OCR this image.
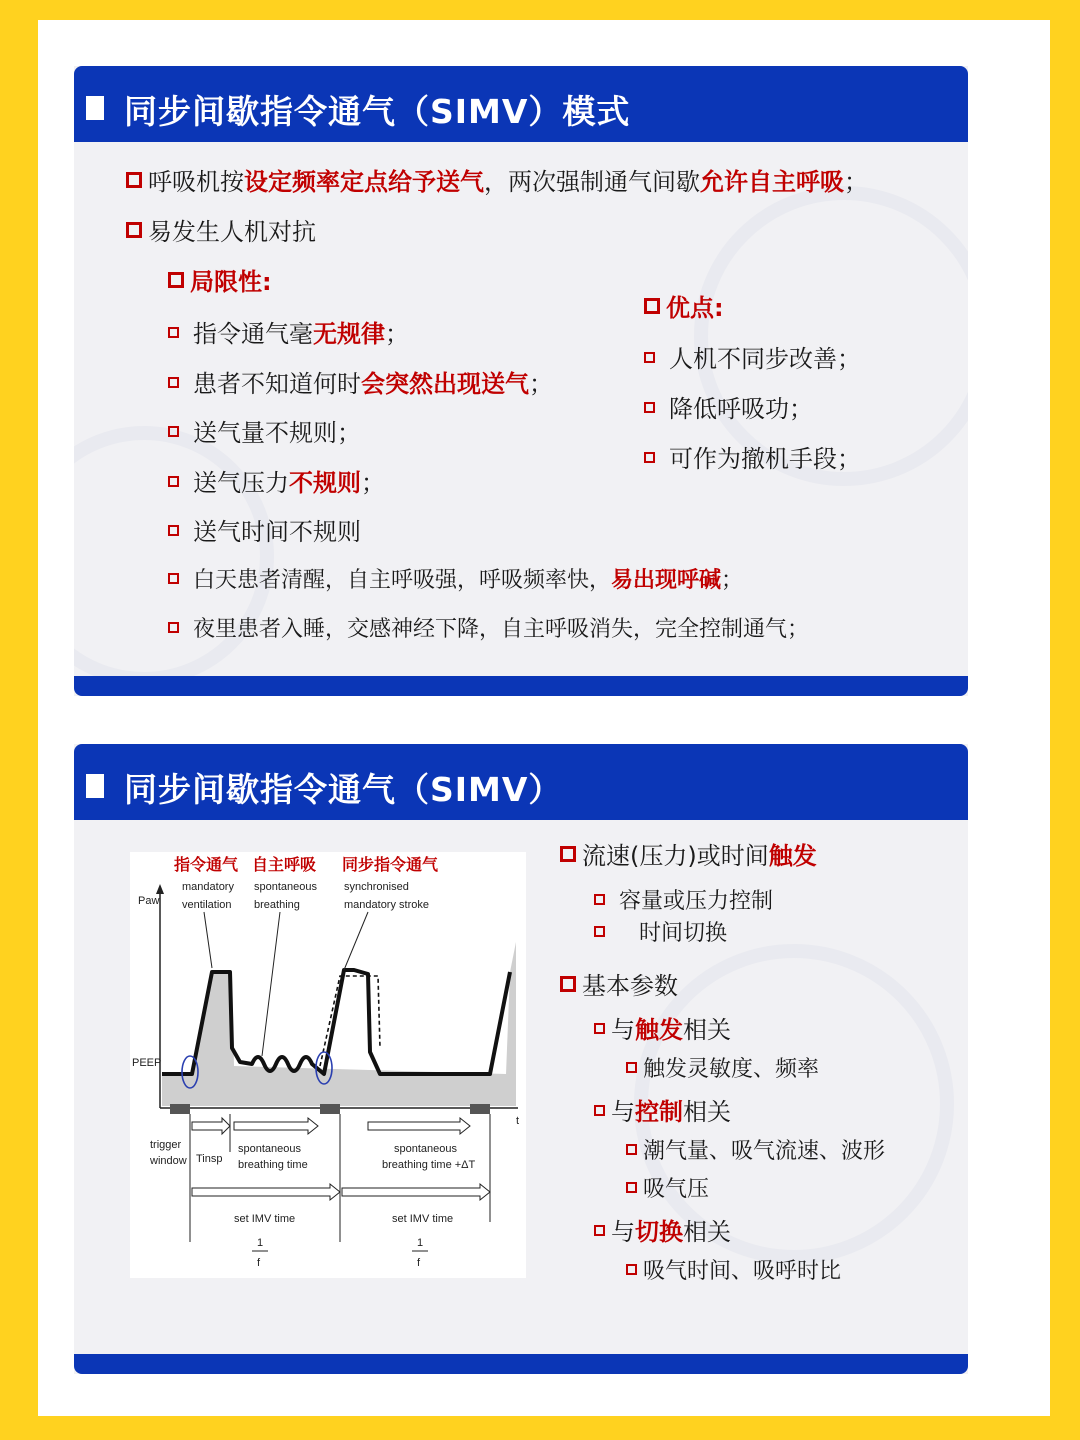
同步间歇指令通气（SIMV）模式
呼吸机按设定频率定点给予送气，两次强制通气间歇允许自主呼吸；
易发生人机对抗
局限性:
指令通气毫无规律；
患者不知道何时会突然出现送气；
送气量不规则；
送气压力不规则；
送气时间不规则
白天患者清醒，自主呼吸强，呼吸频率快，易出现呼碱；
夜里患者入睡，交感神经下降，自主呼吸消失，完全控制通气；
优点:
人机不同步改善；
降低呼吸功；
可作为撤机手段；
同步间歇指令通气（SIMV）
指令通气 自主呼吸 同步指令通气
mandatory
ventilation
spontaneous
breathing
synchronised
mandatory stroke
Paw
PEEP
t
trigger
window Tinsp
spontaneous
breathing time
spontaneous
breathing time +ΔT
set IMV time	set IMV time
1
f
1
f
流速(压力)或时间触发
容量或压力控制
时间切换
基本参数
与触发相关
触发灵敏度、频率
与控制相关
潮气量、吸气流速、波形
吸气压
与切换相关
吸气时间、吸呼时比
